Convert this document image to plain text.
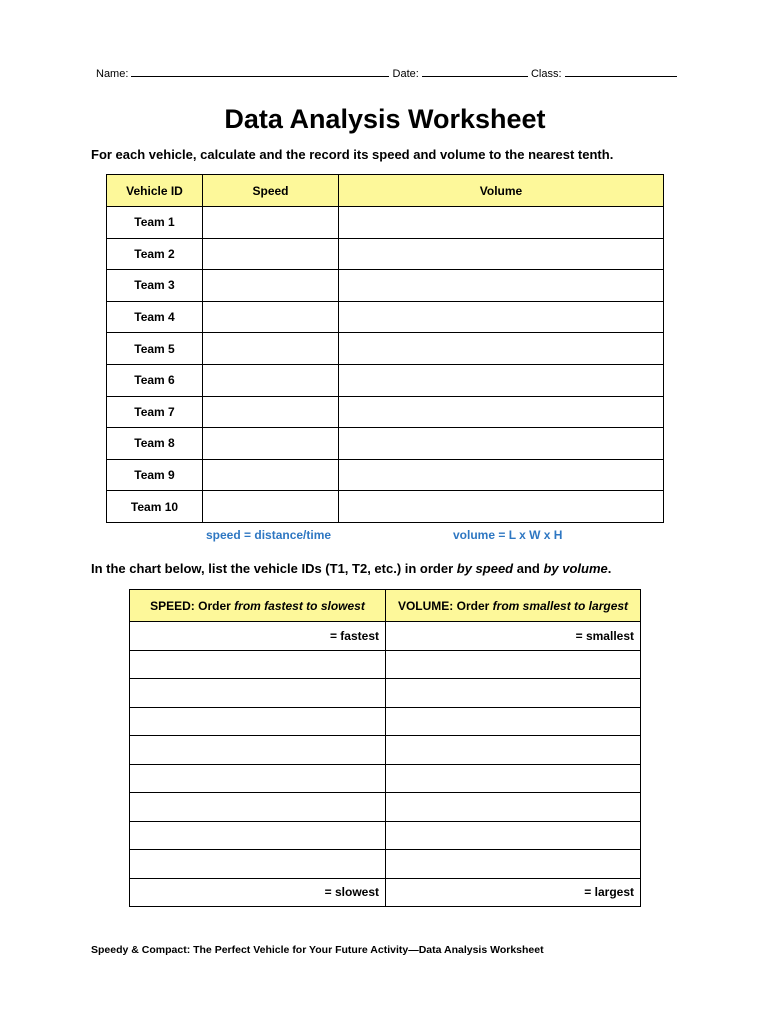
Name:	Date:	Class:
Data Analysis Worksheet
For each vehicle, calculate and the record its speed and volume to the nearest tenth.
Vehicle ID	Speed	Volume
Team 1		
Team 2		
Team 3		
Team 4		
Team 5		
Team 6		
Team 7		
Team 8		
Team 9		
Team 10		
speed = distance/time	volume = L x W x H
In the chart below, list the vehicle IDs (T1, T2, etc.) in order by speed and by volume.
SPEED: Order from fastest to slowest	VOLUME: Order from smallest to largest
= fastest	= smallest

= slowest	= largest
Speedy & Compact: The Perfect Vehicle for Your Future Activity—Data Analysis Worksheet
